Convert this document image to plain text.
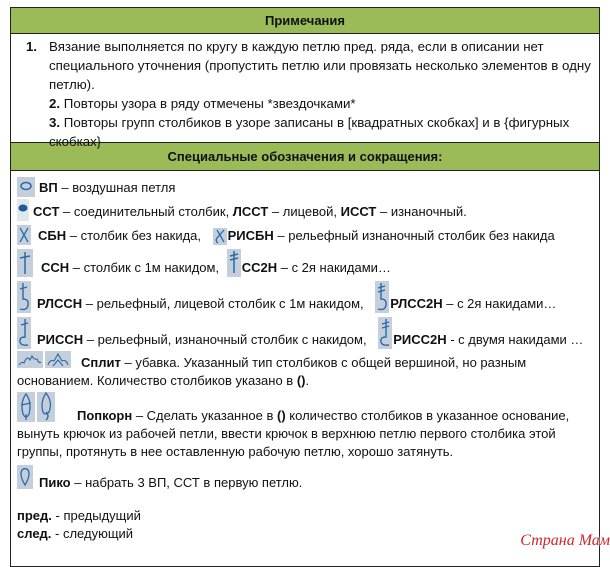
Примечания
1. Вязание выполняется по кругу в каждую петлю пред. ряда, если в описании нет специального уточнения (пропустить петлю или провязать несколько элементов в одну петлю).

2. Повторы узора в ряду отмечены *звездочками*

3. Повторы групп столбиков в узоре записаны в [квадратных скобках] и в {фигурных скобках}

Специальные обозначения и сокращения:
ВП – воздушная петля
ССТ – соединительный столбик, ЛССТ – лицевой, ИССТ – изнаночный.
СБН – столбик без накида,	РИСБН – рельефный изнаночный столбик без накида
ССН – столбик с 1м накидом,	СС2Н – с 2я накидами…
РЛССН – рельефный, лицевой столбик с 1м накидом,	РЛСС2Н – с 2я накидами…
РИССН – рельефный, изнаночный столбик с накидом,	РИСС2Н - с двумя накидами …
Сплит – убавка. Указанный тип столбиков с общей вершиной, но разным основанием. Количество столбиков указано в ().
Попкорн – Сделать указанное в () количество столбиков в указанное основание, вынуть крючок из рабочей петли, ввести крючок в верхнюю петлю первого столбика этой группы, протянуть в нее оставленную рабочую петлю, хорошо затянуть.
Пико – набрать 3 ВП, ССТ в первую петлю.
пред. - предыдущий
след. - следующий	Страна Мам
